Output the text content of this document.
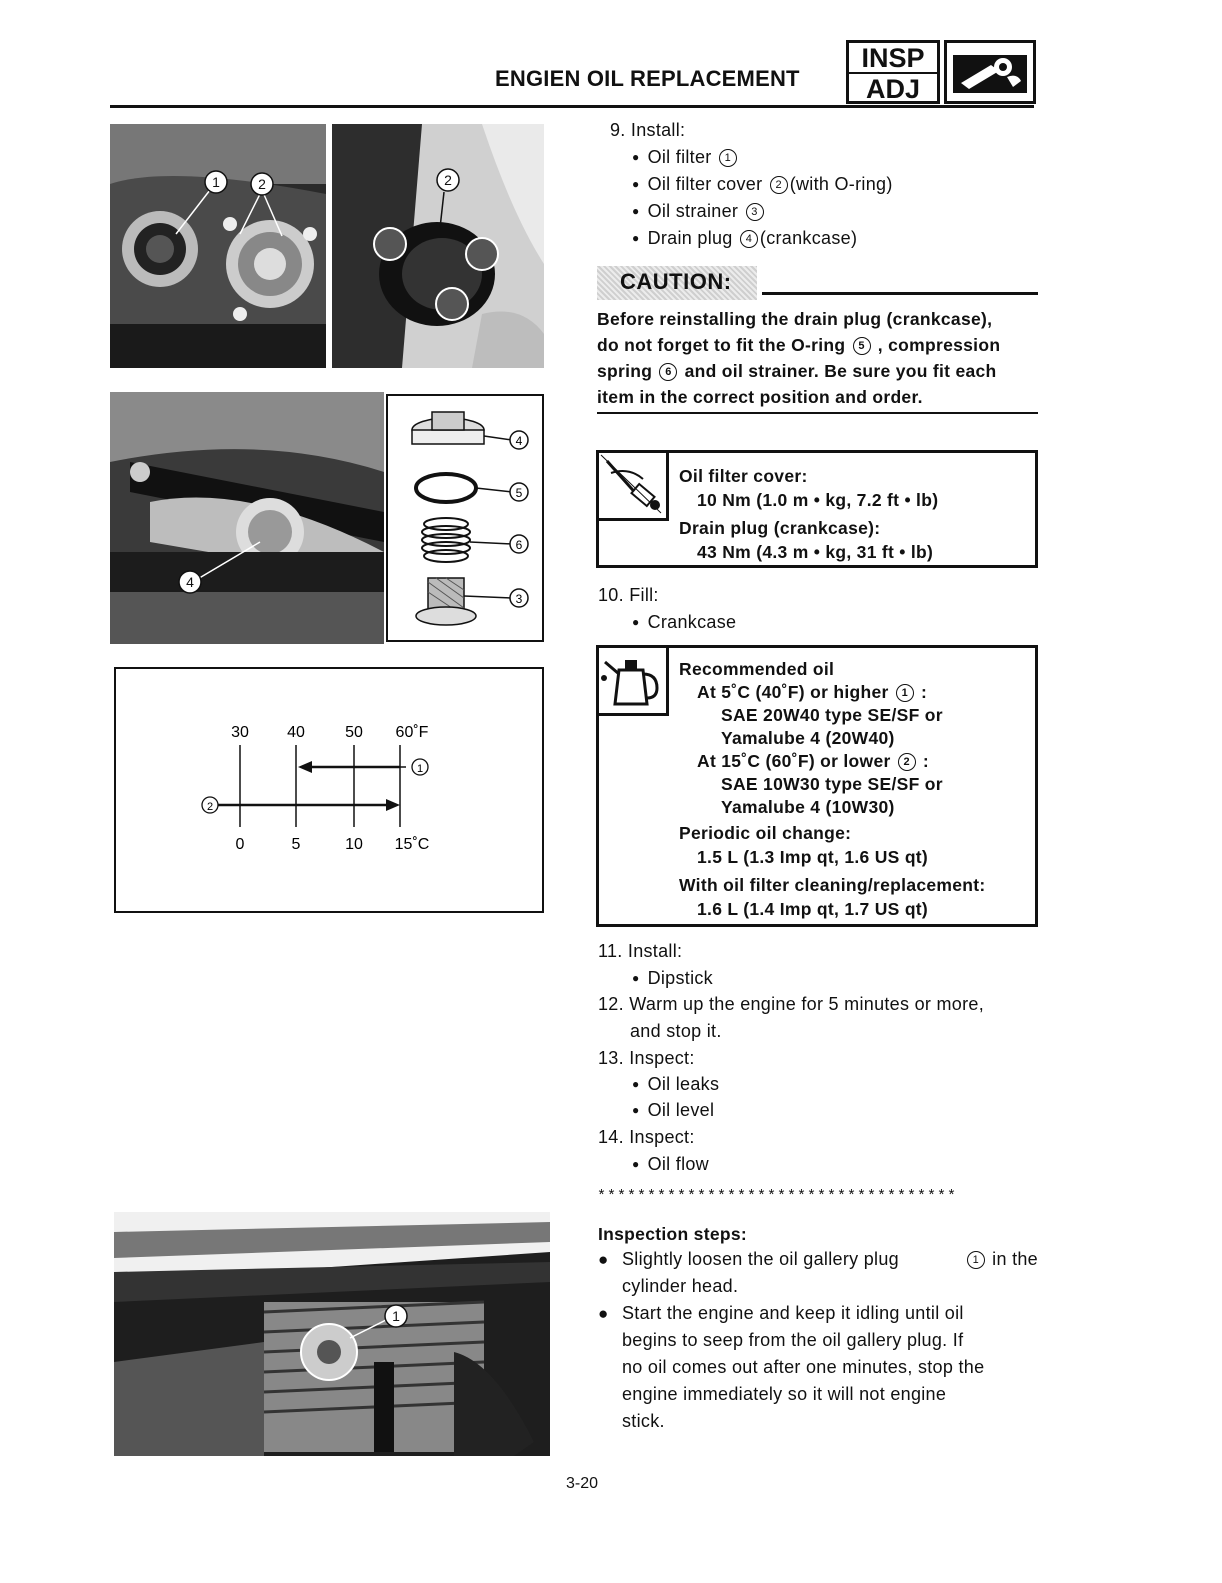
ENGIEN OIL REPLACEMENT
INSP
ADJ
1	2	2
4
4
5
6
3
30 40	50 60˚F
1
2
0	5	10 15˚C
1
9. Install:
● Oil filter 1
● Oil filter cover 2 (with O-ring)
● Oil strainer 3
● Drain plug 4 (crankcase)
CAUTION:
Before reinstalling the drain plug (crankcase),
do not forget to fit the O-ring 5 , compression
spring 6 and oil strainer. Be sure you fit each
item in the correct position and order.
Oil filter cover:
10 Nm (1.0 m • kg, 7.2 ft • lb)
Drain plug (crankcase):
43 Nm (4.3 m • kg, 31 ft • lb)
10. Fill:
● Crankcase
Recommended oil
At 5˚C (40˚F) or higher 1 :
SAE 20W40 type SE/SF or
Yamalube 4 (20W40)
At 15˚C (60˚F) or lower 2 :
SAE 10W30 type SE/SF or
Yamalube 4 (10W30)
Periodic oil change:
1.5 L (1.3 Imp qt, 1.6 US qt)
With oil filter cleaning/replacement:
1.6 L (1.4 Imp qt, 1.7 US qt)
11. Install:
● Dipstick
12. Warm up the engine for 5 minutes or more,
and stop it.
13. Inspect:
● Oil leaks
● Oil level
14. Inspect:
● Oil flow
************************************
Inspection steps:
● Slightly loosen the oil gallery plug	1 in the
cylinder head.
● Start the engine and keep it idling until oil
begins to seep from the oil gallery plug. If
no oil comes out after one minutes, stop the
engine immediately so it will not engine
stick.
3-20
